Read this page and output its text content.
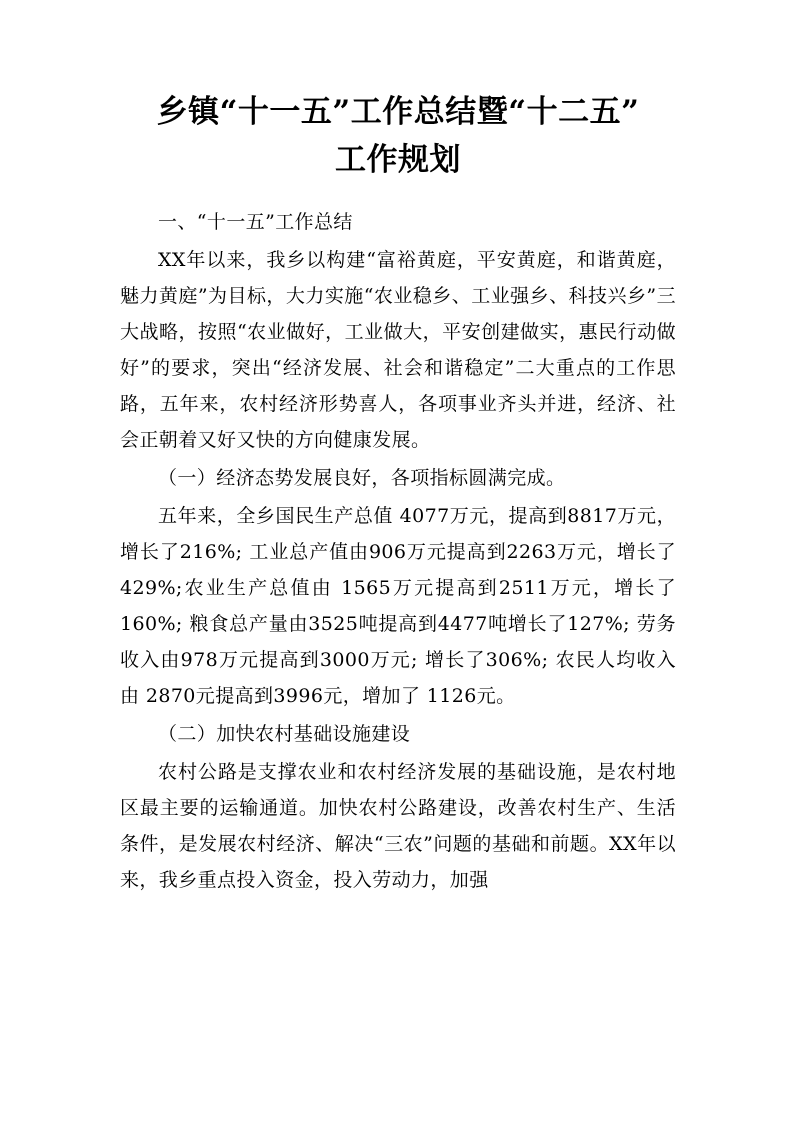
乡镇“十一五”工作总结暨“十二五”
工作规划

一、“十一五”工作总结

XX年以来，我乡以构建“富裕黄庭，平安黄庭，和谐黄庭，魅力黄庭”为目标，大力实施“农业稳乡、工业强乡、科技兴乡”三大战略，按照“农业做好，工业做大，平安创建做实，惠民行动做好”的要求，突出“经济发展、社会和谐稳定”二大重点的工作思路，五年来，农村经济形势喜人，各项事业齐头并进，经济、社会正朝着又好又快的方向健康发展。

（一）经济态势发展良好，各项指标圆满完成。

五年来，全乡国民生产总值 4077万元，提高到8817万元，增长了216%; 工业总产值由906万元提高到2263万元，增长了 429%;农业生产总值由 1565万元提高到2511万元，增长了 160%; 粮食总产量由3525吨提高到4477吨增长了127%; 劳务收入由978万元提高到3000万元; 增长了306%; 农民人均收入由 2870元提高到3996元，增加了 1126元。

（二）加快农村基础设施建设

农村公路是支撑农业和农村经济发展的基础设施，是农村地区最主要的运输通道。加快农村公路建设，改善农村生产、生活条件，是发展农村经济、解决“三农”问题的基础和前题。XX年以来，我乡重点投入资金，投入劳动力，加强
